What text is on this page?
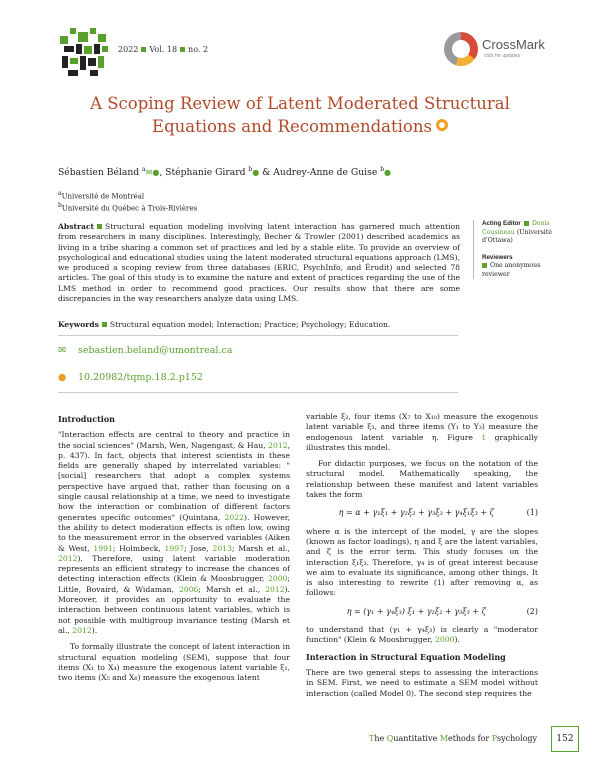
2022 Vol. 18 no. 2	CrossMark
click for updates
A Scoping Review of Latent Moderated Structural Equations and Recommendations
Sébastien Béland $^a$✉●, Stéphanie Girard $^b$● & Audrey-Anne de Guise $^b$●
$^a$Université de Montréal
$^b$Université du Québec à Trois-Rivières
Abstract Structural equation modeling involving latent interaction has garnered much attention from researchers in many disciplines. Interestingly, Becher & Trowler (2001) described academics as living in a tribe sharing a common set of practices and led by a stable elite. To provide an overview of psychological and educational studies using the latent moderated structural equations approach (LMS), we produced a scoping review from three databases (ERIC, PsychInfo, and Érudit) and selected 78 articles. The goal of this study is to examine the nature and extent of practices regarding the use of the LMS method in order to recommend good practices. Our results show that there are some discrepancies in the way researchers analyze data using LMS.
Keywords Structural equation model; Interaction; Practice; Psychology; Education.
Acting Editor Denis Cousineau (Université d'Ottawa)
Reviewers
One anonymous reviewer
✉ sebastien.beland@umontreal.ca
● 10.20982/tqmp.18.2.p152
Introduction

"Interaction effects are central to theory and practice in the social sciences" (Marsh, Wen, Nagengast, & Hau, 2012, p. 437). In fact, objects that interest scientists in these fields are generally shaped by interrelated variables: "[social] researchers that adopt a complex systems perspective have argued that, rather than focusing on a single causal relationship at a time, we need to investigate how the interaction or combination of different factors generates specific outcomes" (Quintana, 2022). However, the ability to detect moderation effects is often low, owing to the measurement error in the observed variables (Aiken & West, 1991; Holmbeck, 1997; Jose, 2013; Marsh et al., 2012). Therefore, using latent variable moderation represents an efficient strategy to increase the chances of detecting interaction effects (Klein & Moosbrugger, 2000; Little, Bovaird, & Widaman, 2006; Marsh et al., 2012). Moreover, it provides an opportunity to evaluate the interaction between continuous latent variables, which is not possible with multigroup invariance testing (Marsh et al., 2012).

To formally illustrate the concept of latent interaction in structural equation modeling (SEM), suppose that four items (X₁ to X₄) measure the exogenous latent variable ξ₁, two items (X₅ and X₆) measure the exogenous latent

variable ξ₂, four items (X₇ to X₁₀) measure the exogenous latent variable ξ₃, and three items (Y₁ to Y₃) measure the endogenous latent variable η. Figure 1 graphically illustrates this model.

For didactic purposes, we focus on the notation of the structural model. Mathematically speaking, the relationship between these manifest and latent variables takes the form

η = α + γ₁ξ₁ + γ₂ξ₂ + γ₃ξ₃ + γ₄ξ₁ξ₃ + ζ	(1)

where α is the intercept of the model, γ are the slopes (known as factor loadings), η and ξ are the latent variables, and ζ is the error term. This study focuses on the interaction ξ₁ξ₃. Therefore, γ₄ is of great interest because we aim to evaluate its significance, among other things. It is also interesting to rewrite (1) after removing α, as follows:

η = (γ₁ + γ₄ξ₃) ξ₁ + γ₂ξ₂ + γ₃ξ₃ + ζ	(2)

to understand that (γ₁ + γ₄ξ₃) is clearly a "moderator function" (Klein & Moosbrugger, 2000).

Interaction in Structural Equation Modeling

There are two general steps to assessing the interactions in SEM. First, we need to estimate a SEM model without interaction (called Model 0). The second step requires the

The Quantitative Methods for Psychology	152
